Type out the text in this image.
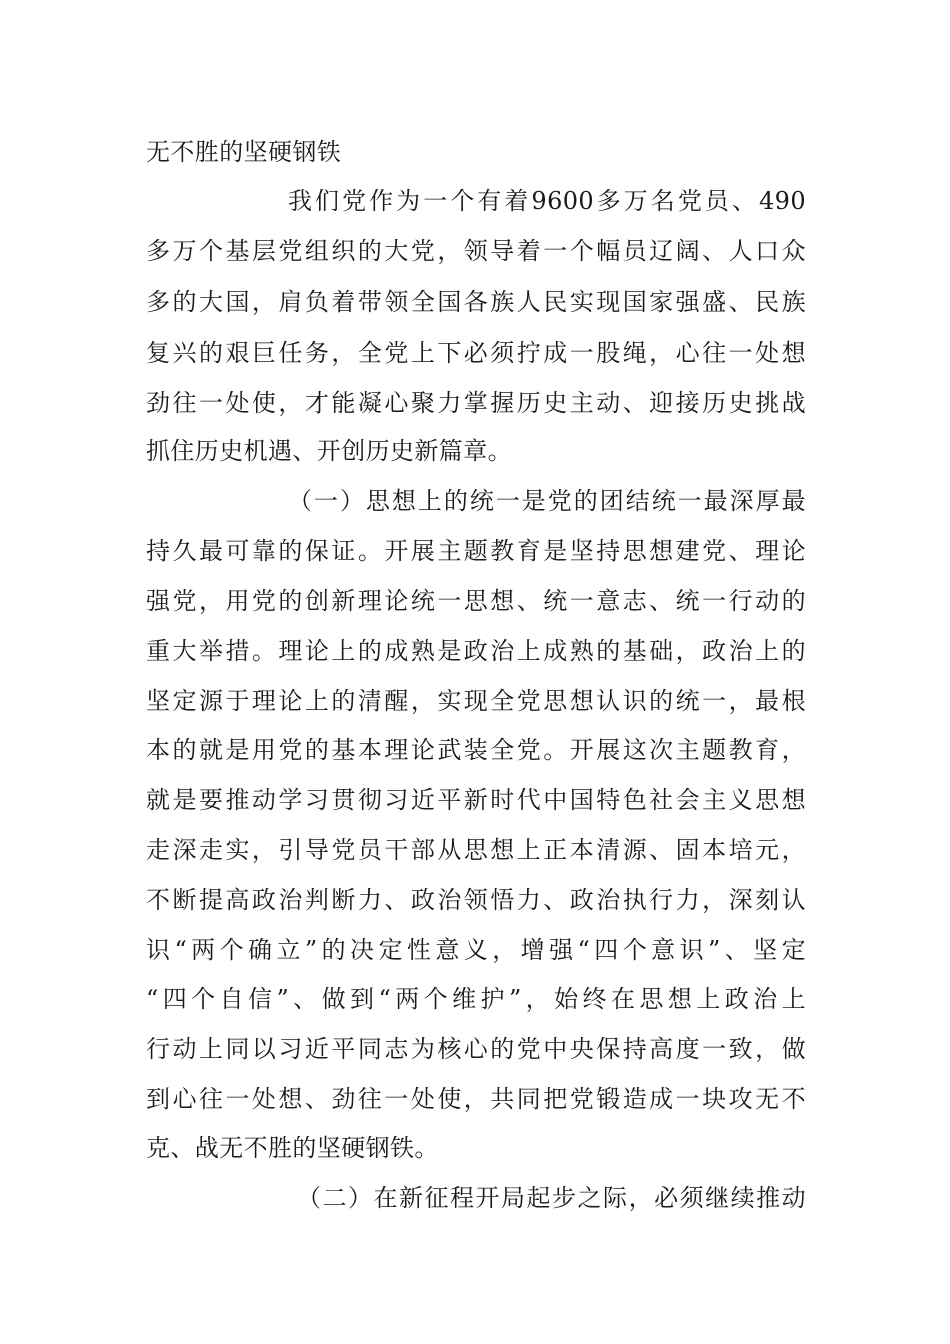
无不胜的坚硬钢铁
我们党作为一个有着9600多万名党员、490
多万个基层党组织的大党，领导着一个幅员辽阔、人口众
多的大国，肩负着带领全国各族人民实现国家强盛、民族
复兴的艰巨任务，全党上下必须拧成一股绳，心往一处想
劲往一处使，才能凝心聚力掌握历史主动、迎接历史挑战
抓住历史机遇、开创历史新篇章。
（一）思想上的统一是党的团结统一最深厚最
持久最可靠的保证。开展主题教育是坚持思想建党、理论
强党，用党的创新理论统一思想、统一意志、统一行动的
重大举措。理论上的成熟是政治上成熟的基础，政治上的
坚定源于理论上的清醒，实现全党思想认识的统一，最根
本的就是用党的基本理论武装全党。开展这次主题教育，
就是要推动学习贯彻习近平新时代中国特色社会主义思想
走深走实，引导党员干部从思想上正本清源、固本培元，
不断提高政治判断力、政治领悟力、政治执行力，深刻认
识“两个确立”的决定性意义，增强“四个意识”、坚定
“四个自信”、做到“两个维护”，始终在思想上政治上
行动上同以习近平同志为核心的党中央保持高度一致，做
到心往一处想、劲往一处使，共同把党锻造成一块攻无不
克、战无不胜的坚硬钢铁。
（二）在新征程开局起步之际，必须继续推动
